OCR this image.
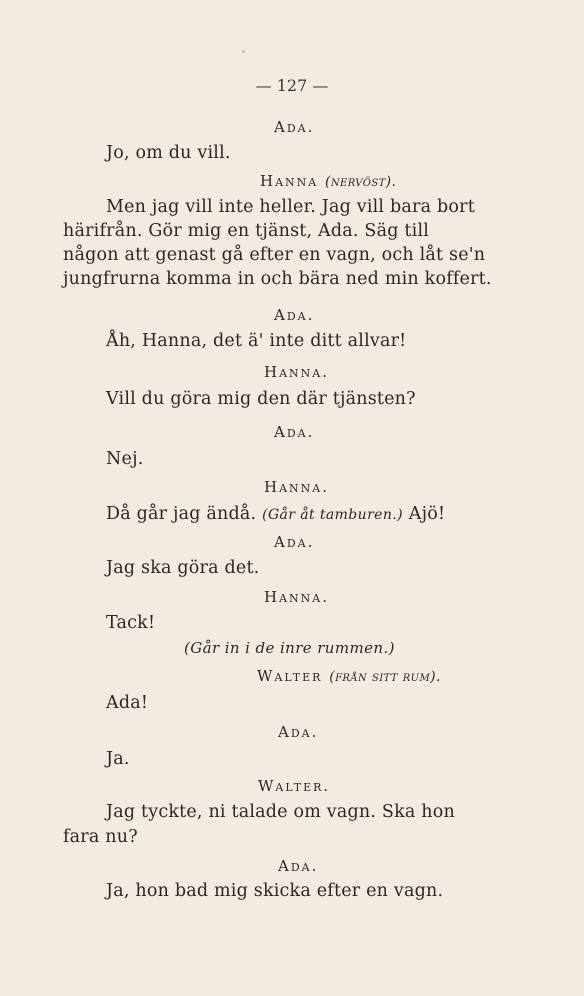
— 127 —
Ada.
Jo, om du vill.
Hanna (nervöst).
Men jag vill inte heller. Jag vill bara bort
härifrån. Gör mig en tjänst, Ada. Säg till
någon att genast gå efter en vagn, och låt se'n
jungfrurna komma in och bära ned min koffert.
Ada.
Åh, Hanna, det ä' inte ditt allvar!
Hanna.
Vill du göra mig den där tjänsten?
Ada.
Nej.
Hanna.
Då går jag ändå. (Går åt tamburen.) Ajö!
Ada.
Jag ska göra det.
Hanna.
Tack!
(Går in i de inre rummen.)
Walter (från sitt rum).
Ada!
Ada.
Ja.
Walter.
Jag tyckte, ni talade om vagn. Ska hon
fara nu?
Ada.
Ja, hon bad mig skicka efter en vagn.
